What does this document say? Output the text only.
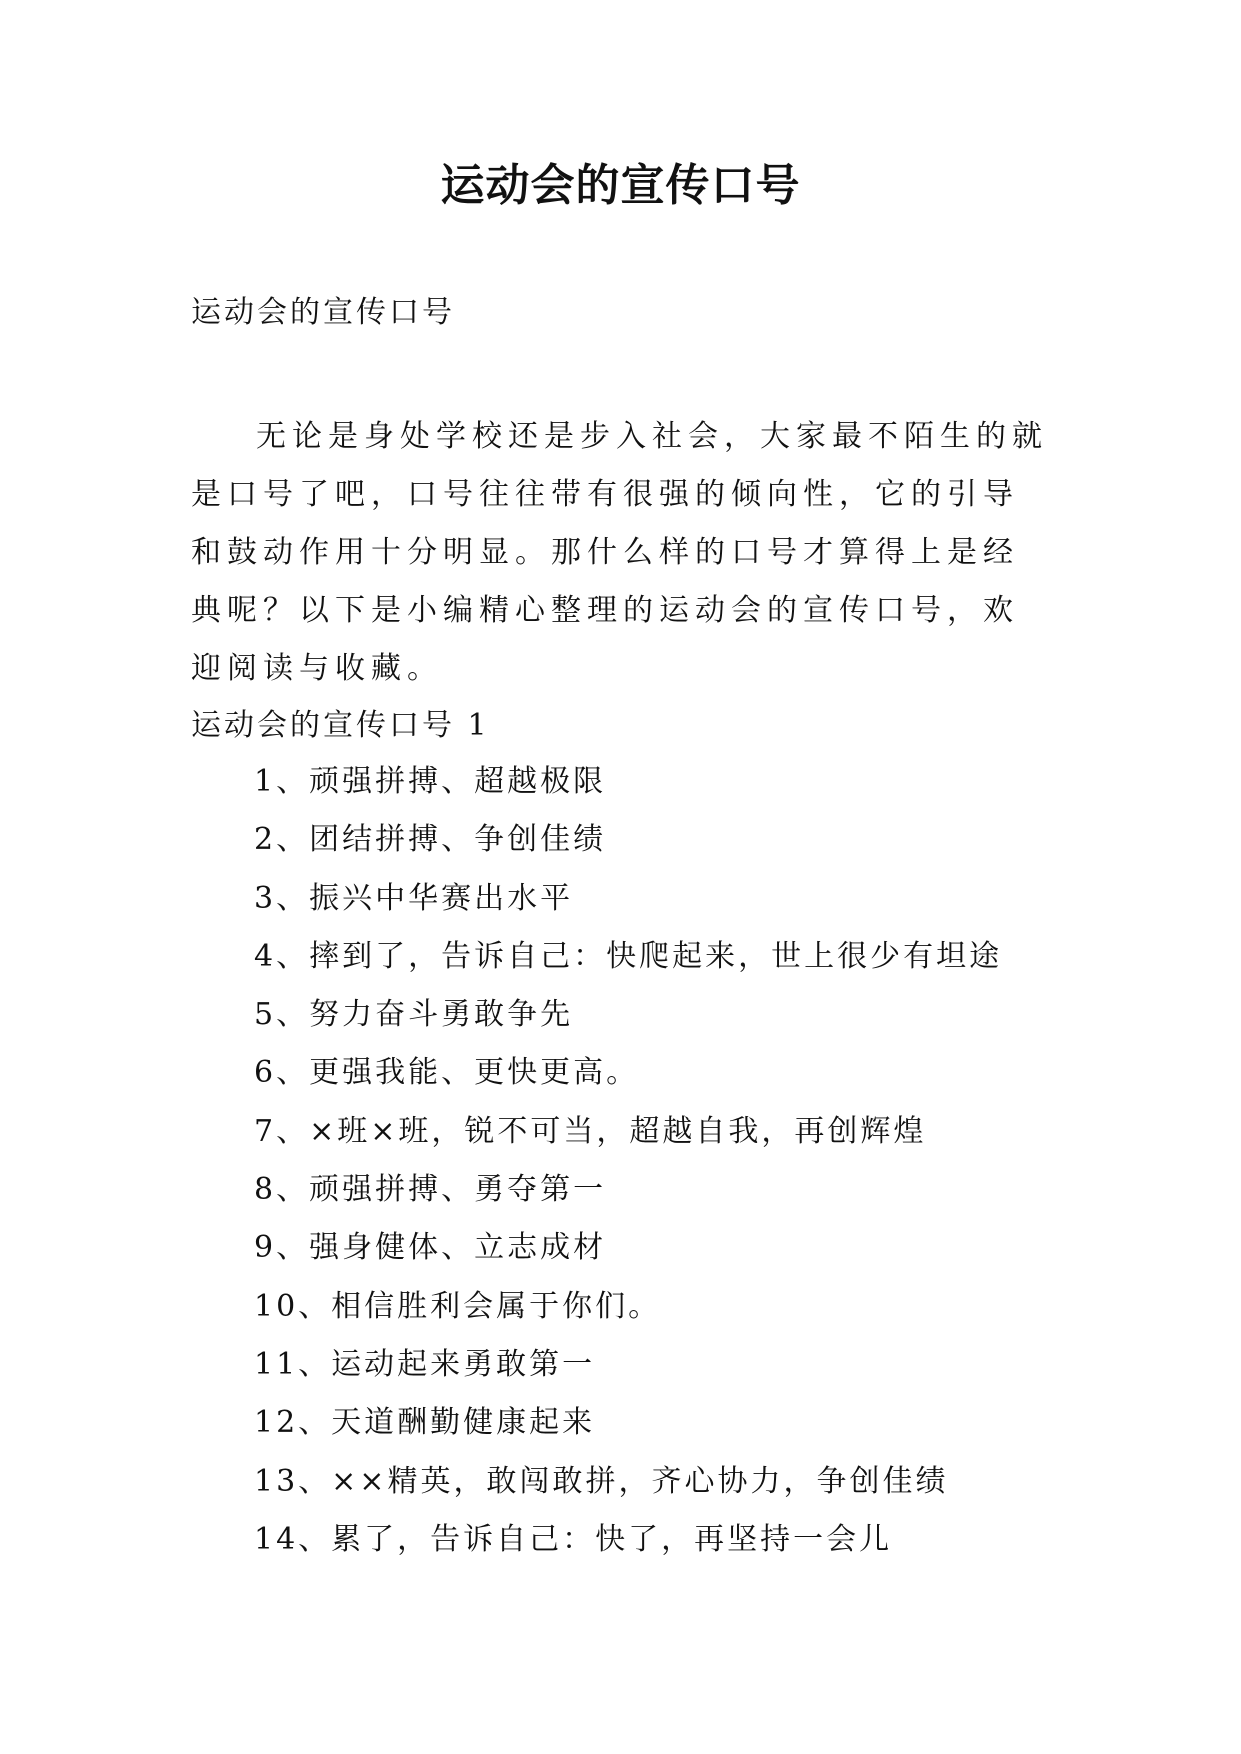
运动会的宣传口号
运动会的宣传口号

无论是身处学校还是步入社会，大家最不陌生的就是口号了吧，口号往往带有很强的倾向性，它的引导和鼓动作用十分明显。那什么样的口号才算得上是经典呢？以下是小编精心整理的运动会的宣传口号，欢迎阅读与收藏。

运动会的宣传口号 1
1、顽强拼搏、超越极限
2、团结拼搏、争创佳绩
3、振兴中华赛出水平
4、摔到了，告诉自己：快爬起来，世上很少有坦途
5、努力奋斗勇敢争先
6、更强我能、更快更高。
7、×班×班，锐不可当，超越自我，再创辉煌
8、顽强拼搏、勇夺第一
9、强身健体、立志成材
10、相信胜利会属于你们。
11、运动起来勇敢第一
12、天道酬勤健康起来
13、××精英，敢闯敢拼，齐心协力，争创佳绩
14、累了，告诉自己：快了，再坚持一会儿
